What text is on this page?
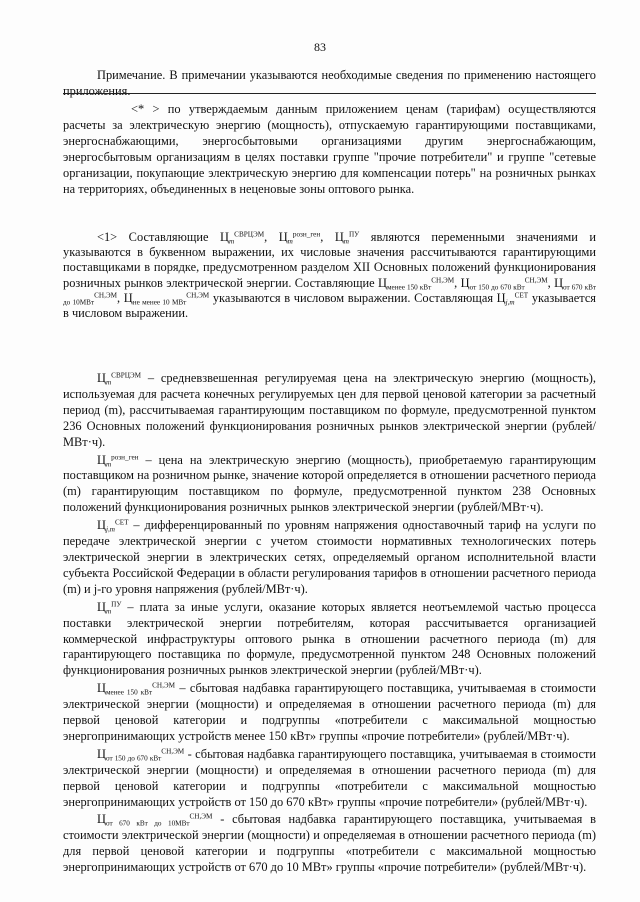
83
Примечание. В примечании указываются необходимые сведения по применению настоящего приложения.
<* > по утверждаемым данным приложением ценам (тарифам) осуществляются расчеты за электрическую энергию (мощность), отпускаемую гарантирующими поставщиками, энергоснабжающими, энергосбытовыми организациями другим энергоснабжающим, энергосбытовым организациям в целях поставки группе "прочие потребители" и группе "сетевые организации, покупающие электрическую энергию для компенсации потерь" на розничных рынках на территориях, объединенных в неценовые зоны оптового рынка.
<1> Составляющие $Ц_m^{СВРЦЭМ}$, $Ц_m^{розн\_ген}$, $Ц_m^{ПУ}$ являются переменными значениями и указываются в буквенном выражении, их числовые значения рассчитываются гарантирующими поставщиками в порядке, предусмотренном разделом XII Основных положений функционирования розничных рынков электрической энергии. Составляющие $Ц_{менее 150 кВт}^{СН,ЭМ}$, $Ц_{от 150 до 670 кВт}^{СН,ЭМ}$, $Ц_{от 670 кВт до 10МВт}^{СН,ЭМ}$, $Ц_{не менее 10 МВт}^{СН,ЭМ}$ указываются в числовом выражении. Составляющая $Ц_{j,m}^{СЕТ}$ указывается в числовом выражении.
$Ц_m^{СВРЦЭМ}$ – средневзвешенная регулируемая цена на электрическую энергию (мощность), используемая для расчета конечных регулируемых цен для первой ценовой категории за расчетный период (m), рассчитываемая гарантирующим поставщиком по формуле, предусмотренной пунктом 236 Основных положений функционирования розничных рынков электрической энергии (рублей/МВт·ч).
$Ц_m^{розн\_ген}$ – цена на электрическую энергию (мощность), приобретаемую гарантирующим поставщиком на розничном рынке, значение которой определяется в отношении расчетного периода (m) гарантирующим поставщиком по формуле, предусмотренной пунктом 238 Основных положений функционирования розничных рынков электрической энергии (рублей/МВт·ч).
$Ц_{j,m}^{СЕТ}$ – дифференцированный по уровням напряжения одноставочный тариф на услуги по передаче электрической энергии с учетом стоимости нормативных технологических потерь электрической энергии в электрических сетях, определяемый органом исполнительной власти субъекта Российской Федерации в области регулирования тарифов в отношении расчетного периода (m) и j-го уровня напряжения (рублей/МВт·ч).
$Ц_m^{ПУ}$ – плата за иные услуги, оказание которых является неотъемлемой частью процесса поставки электрической энергии потребителям, которая рассчитывается организацией коммерческой инфраструктуры оптового рынка в отношении расчетного периода (m) для гарантирующего поставщика по формуле, предусмотренной пунктом 248 Основных положений функционирования розничных рынков электрической энергии (рублей/МВт·ч).
$Ц_{менее 150 кВт}^{СН,ЭМ}$ – сбытовая надбавка гарантирующего поставщика, учитываемая в стоимости электрической энергии (мощности) и определяемая в отношении расчетного периода (m) для первой ценовой категории и подгруппы «потребители с максимальной мощностью энергопринимающих устройств менее 150 кВт» группы «прочие потребители» (рублей/МВт·ч).
$Ц_{от 150 до 670 кВт}^{СН,ЭМ}$ - сбытовая надбавка гарантирующего поставщика, учитываемая в стоимости электрической энергии (мощности) и определяемая в отношении расчетного периода (m) для первой ценовой категории и подгруппы «потребители с максимальной мощностью энергопринимающих устройств от 150 до 670 кВт» группы «прочие потребители» (рублей/МВт·ч).
$Ц_{от 670 кВт до 10МВт}^{СН,ЭМ}$ - сбытовая надбавка гарантирующего поставщика, учитываемая в стоимости электрической энергии (мощности) и определяемая в отношении расчетного периода (m) для первой ценовой категории и подгруппы «потребители с максимальной мощностью энергопринимающих устройств от 670 до 10 МВт» группы «прочие потребители» (рублей/МВт·ч).
